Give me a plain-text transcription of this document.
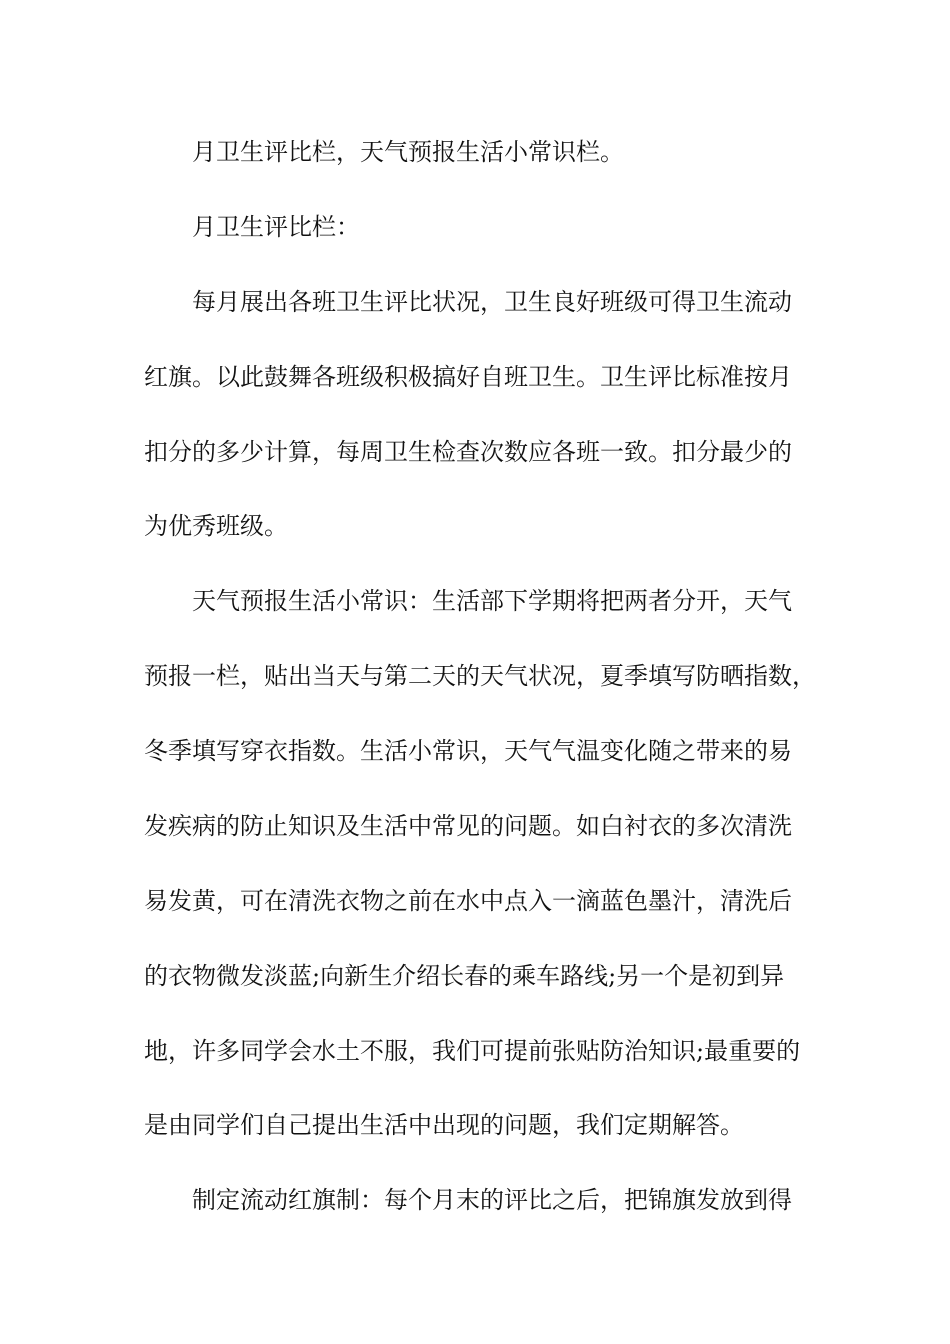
月卫生评比栏，天气预报生活小常识栏。

月卫生评比栏：

每月展出各班卫生评比状况，卫生良好班级可得卫生流动

红旗。以此鼓舞各班级积极搞好自班卫生。卫生评比标准按月

扣分的多少计算，每周卫生检查次数应各班一致。扣分最少的

为优秀班级。

天气预报生活小常识：生活部下学期将把两者分开，天气

预报一栏，贴出当天与第二天的天气状况，夏季填写防晒指数，

冬季填写穿衣指数。生活小常识，天气气温变化随之带来的易

发疾病的防止知识及生活中常见的问题。如白衬衣的多次清洗

易发黄，可在清洗衣物之前在水中点入一滴蓝色墨汁，清洗后

的衣物微发淡蓝;向新生介绍长春的乘车路线;另一个是初到异

地，许多同学会水土不服，我们可提前张贴防治知识;最重要的

是由同学们自己提出生活中出现的问题，我们定期解答。

制定流动红旗制：每个月末的评比之后，把锦旗发放到得
